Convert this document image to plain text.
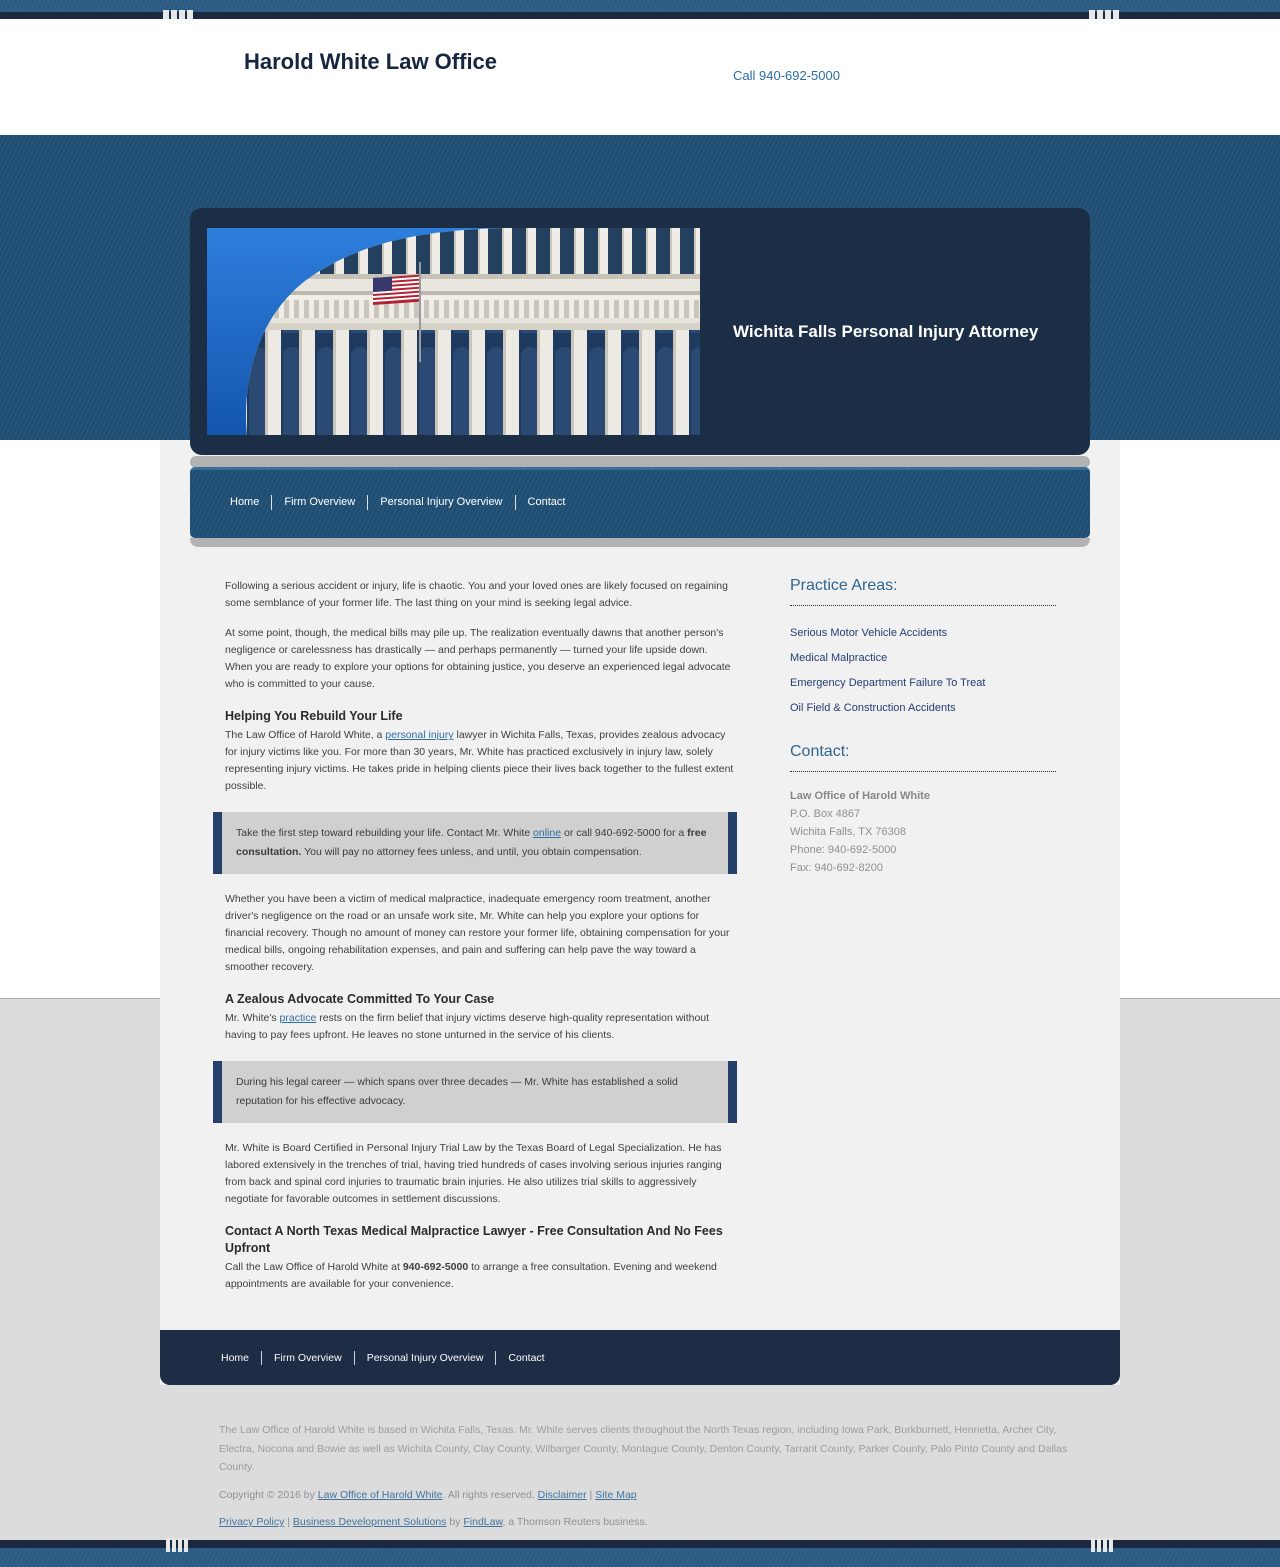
Harold White Law Office
Call 940-692-5000
Wichita Falls Personal Injury Attorney
Home	Firm Overview	Personal Injury Overview	Contact

Following a serious accident or injury, life is chaotic. You and your loved ones are likely focused on regaining some semblance of your former life. The last thing on your mind is seeking legal advice.

At some point, though, the medical bills may pile up. The realization eventually dawns that another person's negligence or carelessness has drastically — and perhaps permanently — turned your life upside down. When you are ready to explore your options for obtaining justice, you deserve an experienced legal advocate who is committed to your cause.

Helping You Rebuild Your Life

The Law Office of Harold White, a personal injury lawyer in Wichita Falls, Texas, provides zealous advocacy for injury victims like you. For more than 30 years, Mr. White has practiced exclusively in injury law, solely representing injury victims. He takes pride in helping clients piece their lives back together to the fullest extent possible.

Take the first step toward rebuilding your life. Contact Mr. White online or call 940-692-5000 for a free consultation. You will pay no attorney fees unless, and until, you obtain compensation.

Whether you have been a victim of medical malpractice, inadequate emergency room treatment, another driver's negligence on the road or an unsafe work site, Mr. White can help you explore your options for financial recovery. Though no amount of money can restore your former life, obtaining compensation for your medical bills, ongoing rehabilitation expenses, and pain and suffering can help pave the way toward a smoother recovery.

A Zealous Advocate Committed To Your Case

Mr. White's practice rests on the firm belief that injury victims deserve high-quality representation without having to pay fees upfront. He leaves no stone unturned in the service of his clients.

During his legal career — which spans over three decades — Mr. White has established a solid reputation for his effective advocacy.

Mr. White is Board Certified in Personal Injury Trial Law by the Texas Board of Legal Specialization. He has labored extensively in the trenches of trial, having tried hundreds of cases involving serious injuries ranging from back and spinal cord injuries to traumatic brain injuries. He also utilizes trial skills to aggressively negotiate for favorable outcomes in settlement discussions.

Contact A North Texas Medical Malpractice Lawyer - Free Consultation And No Fees Upfront

Call the Law Office of Harold White at 940-692-5000 to arrange a free consultation. Evening and weekend appointments are available for your convenience.

Practice Areas:
Serious Motor Vehicle Accidents
Medical Malpractice
Emergency Department Failure To Treat
Oil Field & Construction Accidents
Contact:

Law Office of Harold White

P.O. Box 4867

Wichita Falls, TX 76308

Phone: 940-692-5000

Fax: 940-692-8200

Home	Firm Overview	Personal Injury Overview	Contact

The Law Office of Harold White is based in Wichita Falls, Texas. Mr. White serves clients throughout the North Texas region, including Iowa Park, Burkburnett, Henrietta, Archer City, Electra, Nocona and Bowie as well as Wichita County, Clay County, Wilbarger County, Montague County, Denton County, Tarrant County, Parker County, Palo Pinto County and Dallas County.

Copyright © 2016 by Law Office of Harold White. All rights reserved. Disclaimer | Site Map

Privacy Policy | Business Development Solutions by FindLaw, a Thomson Reuters business.
